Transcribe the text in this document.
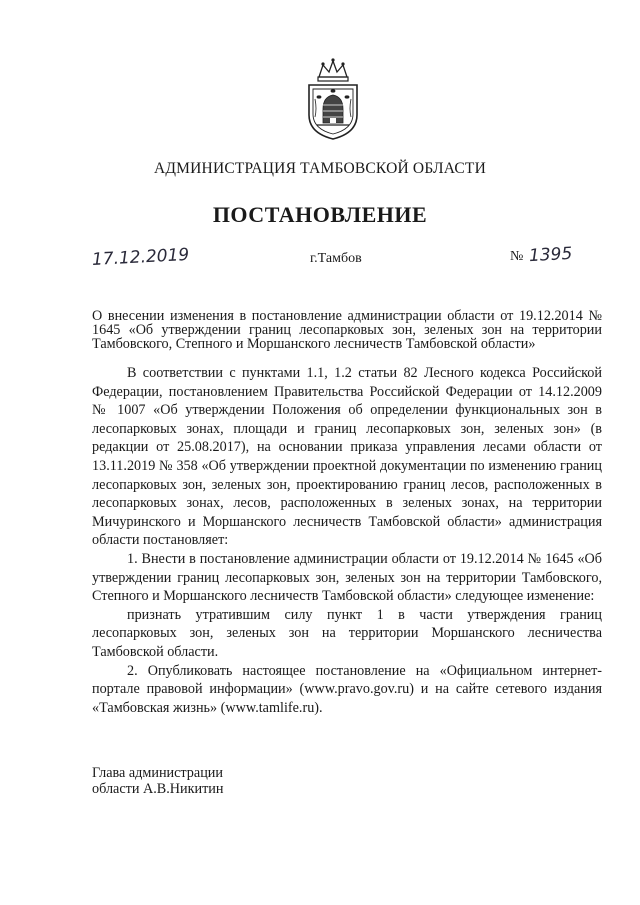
АДМИНИСТРАЦИЯ ТАМБОВСКОЙ ОБЛАСТИ
ПОСТАНОВЛЕНИЕ
17.12.2019	г.Тамбов	№ 1395
О внесении изменения в постановление администрации области от 19.12.2014 № 1645 «Об утверждении границ лесопарковых зон, зеленых зон на территории Тамбовского, Степного и Моршанского лесничеств Тамбовской области»

В соответствии с пунктами 1.1, 1.2 статьи 82 Лесного кодекса Российской Федерации, постановлением Правительства Российской Федерации от 14.12.2009 № 1007 «Об утверждении Положения об определении функциональных зон в лесопарковых зонах, площади и границ лесопарковых зон, зеленых зон» (в редакции от 25.08.2017), на основании приказа управления лесами области от 13.11.2019 № 358 «Об утверждении проектной документации по изменению границ лесопарковых зон, зеленых зон, проектированию границ лесов, расположенных в лесопарковых зонах, лесов, расположенных в зеленых зонах, на территории Мичуринского и Моршанского лесничеств Тамбовской области» администрация области постановляет:

1. Внести в постановление администрации области от 19.12.2014 № 1645 «Об утверждении границ лесопарковых зон, зеленых зон на территории Тамбовского, Степного и Моршанского лесничеств Тамбовской области» следующее изменение:

признать утратившим силу пункт 1 в части утверждения границ лесопарковых зон, зеленых зон на территории Моршанского лесничества Тамбовской области.

2. Опубликовать настоящее постановление на «Официальном интернет-портале правовой информации» (www.pravo.gov.ru) и на сайте сетевого издания «Тамбовская жизнь» (www.tamlife.ru).

Глава администрации
области А.В.Никитин
